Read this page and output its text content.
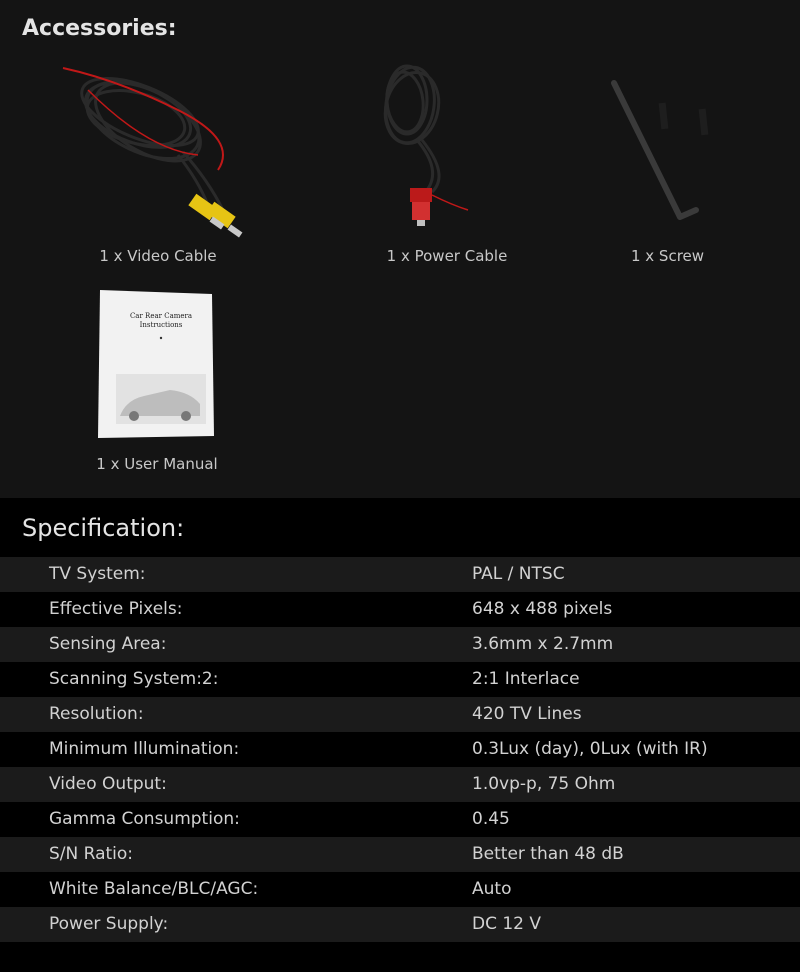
Accessories:
1 x Video Cable	1 x Power Cable	1 x Screw
Car Rear Camera
Instructions
1 x User Manual
Specification:
TV System:	PAL / NTSC
Effective Pixels:	648 x 488 pixels
Sensing Area:	3.6mm x 2.7mm
Scanning System:2:	2:1 Interlace
Resolution:	420 TV Lines
Minimum Illumination:	0.3Lux (day), 0Lux (with IR)
Video Output:	1.0vp-p, 75 Ohm
Gamma Consumption:	0.45
S/N Ratio:	Better than 48 dB
White Balance/BLC/AGC:	Auto
Power Supply:	DC 12 V
